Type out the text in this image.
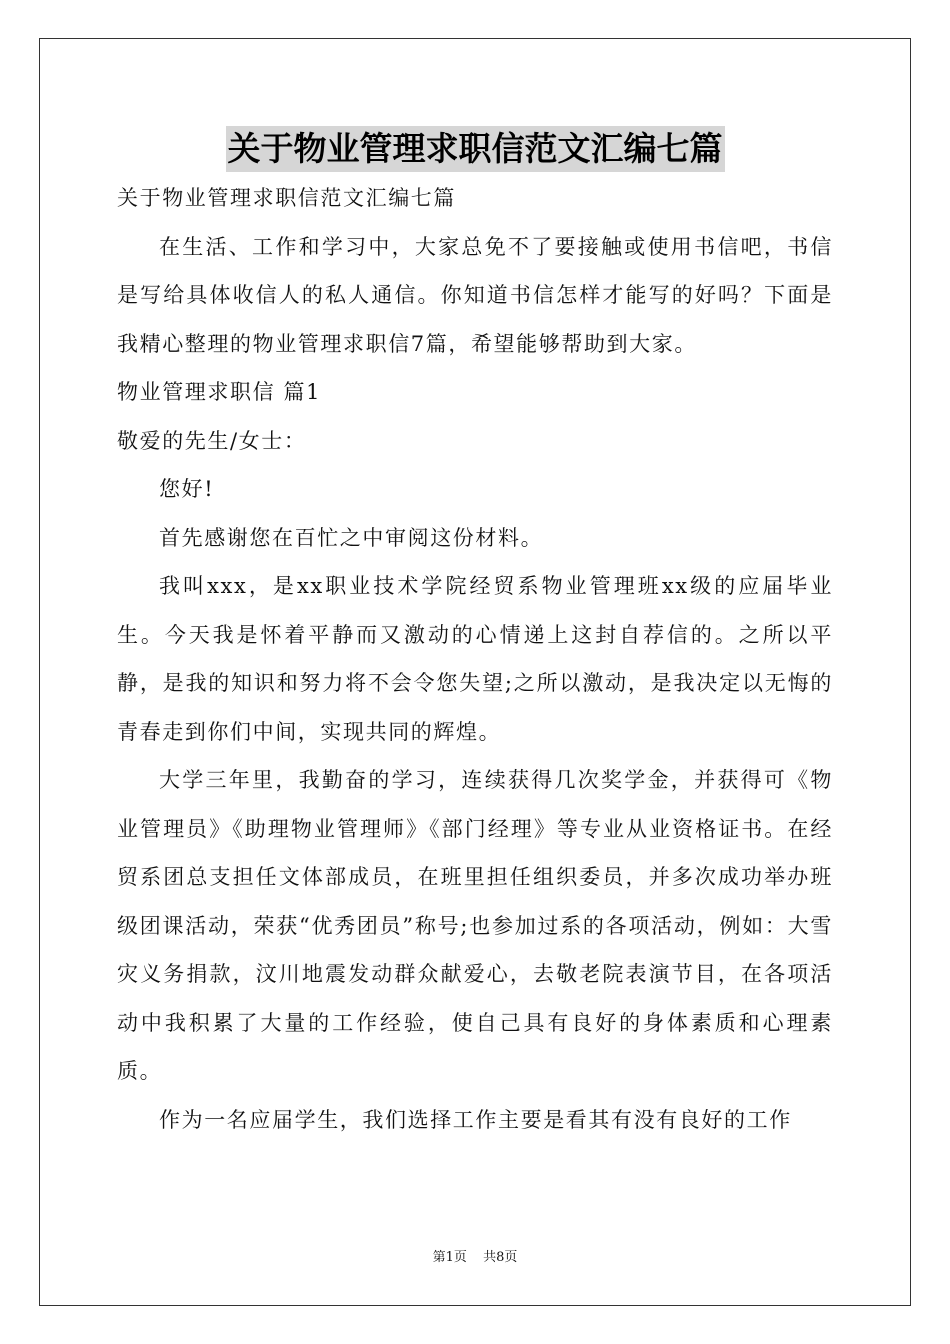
关于物业管理求职信范文汇编七篇

关于物业管理求职信范文汇编七篇

在生活、工作和学习中，大家总免不了要接触或使用书信吧，书信是写给具体收信人的私人通信。你知道书信怎样才能写的好吗？下面是我精心整理的物业管理求职信7篇，希望能够帮助到大家。

物业管理求职信 篇1

敬爱的先生/女士：

您好!

首先感谢您在百忙之中审阅这份材料。

我叫xxx，是xx职业技术学院经贸系物业管理班xx级的应届毕业生。今天我是怀着平静而又激动的心情递上这封自荐信的。之所以平静，是我的知识和努力将不会令您失望;之所以激动，是我决定以无悔的青春走到你们中间，实现共同的辉煌。

大学三年里，我勤奋的学习，连续获得几次奖学金，并获得可《物业管理员》《助理物业管理师》《部门经理》等专业从业资格证书。在经贸系团总支担任文体部成员，在班里担任组织委员，并多次成功举办班级团课活动，荣获“优秀团员”称号;也参加过系的各项活动，例如：大雪灾义务捐款，汶川地震发动群众献爱心，去敬老院表演节目，在各项活动中我积累了大量的工作经验，使自己具有良好的身体素质和心理素质。

作为一名应届学生，我们选择工作主要是看其有没有良好的工作

第1页 共8页
